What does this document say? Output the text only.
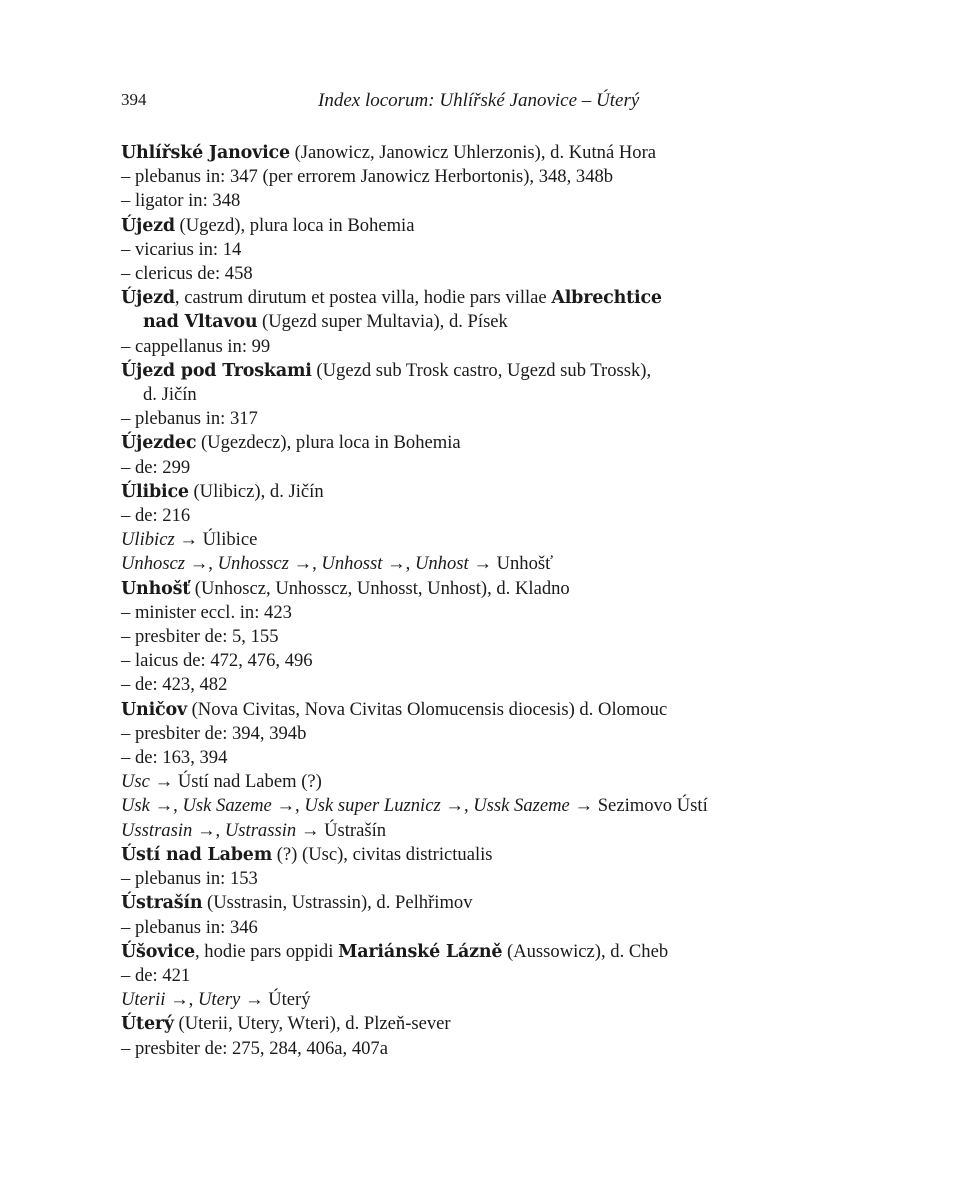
394	Index locorum: Uhlířské Janovice – Úterý
Uhlířské Janovice (Janowicz, Janowicz Uhlerzonis), d. Kutná Hora
– plebanus in: 347 (per errorem Janowicz Herbortonis), 348, 348b
– ligator in: 348
Újezd (Ugezd), plura loca in Bohemia
– vicarius in: 14
– clericus de: 458
Újezd, castrum dirutum et postea villa, hodie pars villae Albrechtice
nad Vltavou (Ugezd super Multavia), d. Písek
– cappellanus in: 99
Újezd pod Troskami (Ugezd sub Trosk castro, Ugezd sub Trossk),
d. Jičín
– plebanus in: 317
Újezdec (Ugezdecz), plura loca in Bohemia
– de: 299
Úlibice (Ulibicz), d. Jičín
– de: 216
Ulibicz → Úlibice
Unhoscz →, Unhosscz →, Unhosst →, Unhost → Unhošť
Unhošť (Unhoscz, Unhosscz, Unhosst, Unhost), d. Kladno
– minister eccl. in: 423
– presbiter de: 5, 155
– laicus de: 472, 476, 496
– de: 423, 482
Uničov (Nova Civitas, Nova Civitas Olomucensis diocesis) d. Olomouc
– presbiter de: 394, 394b
– de: 163, 394
Usc → Ústí nad Labem (?)
Usk →, Usk Sazeme →, Usk super Luznicz →, Ussk Sazeme → Sezimovo Ústí
Usstrasin →, Ustrassin → Ústrašín
Ústí nad Labem (?) (Usc), civitas districtualis
– plebanus in: 153
Ústrašín (Usstrasin, Ustrassin), d. Pelhřimov
– plebanus in: 346
Úšovice, hodie pars oppidi Mariánské Lázně (Aussowicz), d. Cheb
– de: 421
Uterii →, Utery → Úterý
Úterý (Uterii, Utery, Wteri), d. Plzeň-sever
– presbiter de: 275, 284, 406a, 407a
